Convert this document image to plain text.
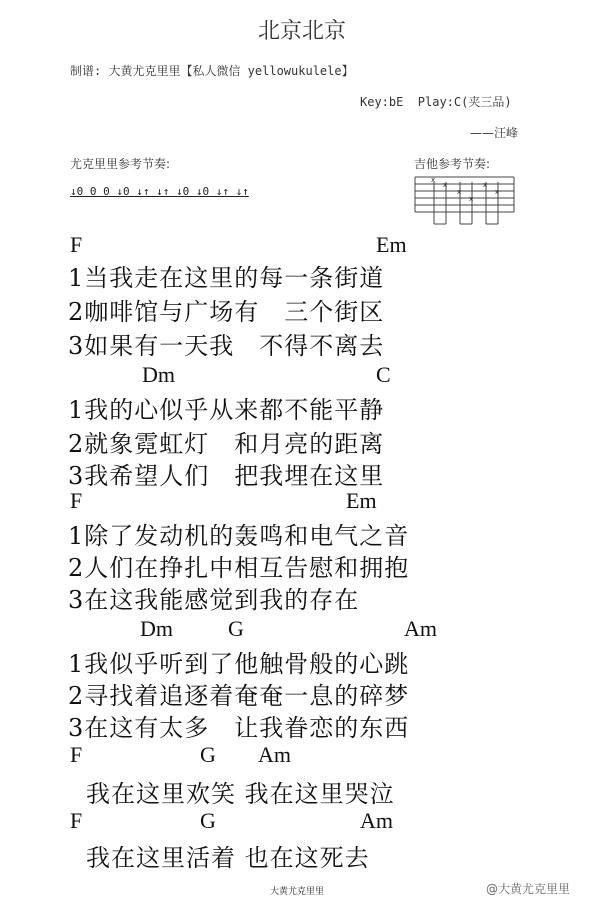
北京北京
制谱: 大黄尤克里里【私人微信 yellowukulele】
Key:bE  Play:C(夹三品)
——汪峰
尤克里里参考节奏:
↓0 0 0 ↓0 ↓↑ ↓↑ ↓0 ↓0 ↓↑ ↓↑
吉他参考节奏:
x
x
x
x
x
x
F	Em
1当我走在这里的每一条街道
2咖啡馆与广场有　三个街区
3如果有一天我　不得不离去
Dm	C
1我的心似乎从来都不能平静
2就象霓虹灯　和月亮的距离
3我希望人们　把我埋在这里
F	Em
1除了发动机的轰鸣和电气之音
2人们在挣扎中相互告慰和拥抱
3在这我能感觉到我的存在
Dm	G	Am
1我似乎听到了他触骨般的心跳
2寻找着追逐着奄奄一息的碎梦
3在这有太多　让我眷恋的东西
F	G Am
我在这里欢笑 我在这里哭泣
F	G	Am
我在这里活着 也在这死去
大黄尤克里里	@大黄尤克里里
